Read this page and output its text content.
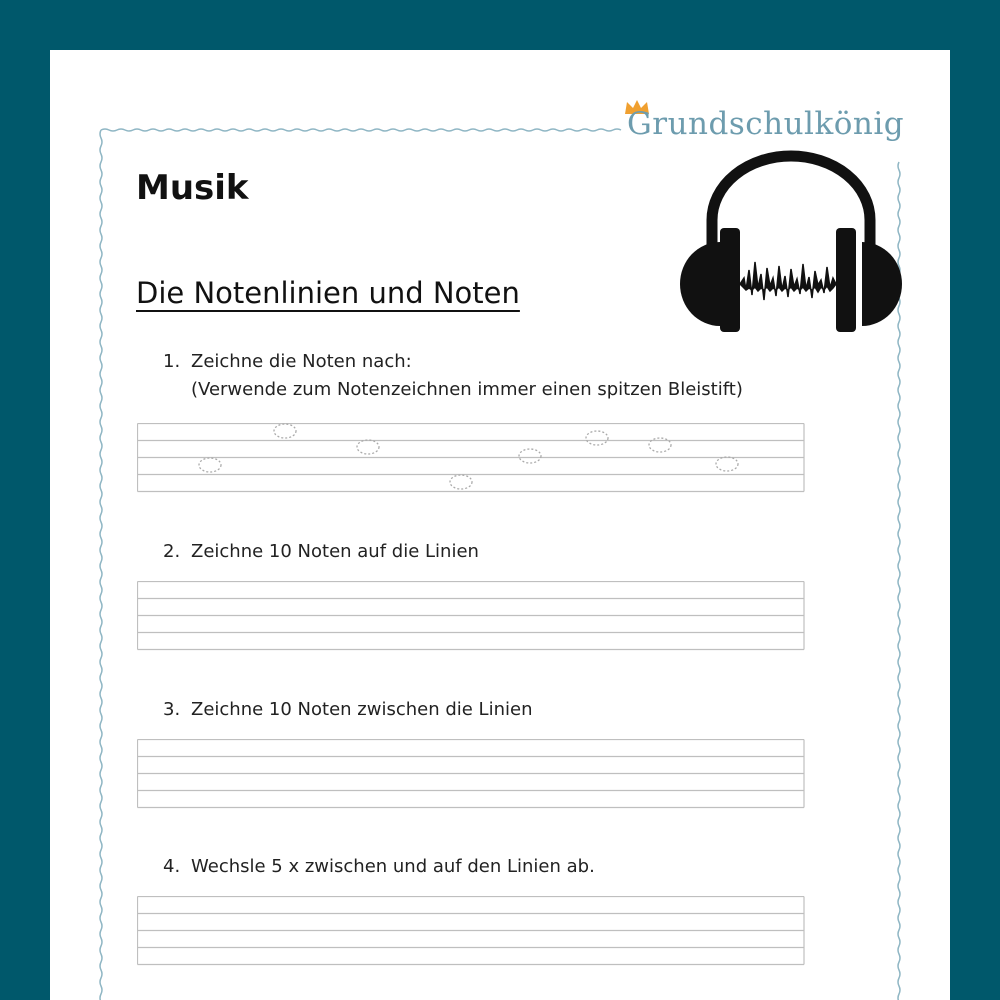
Grundschulkönig
Musik
Die Notenlinien und Noten
1. Zeichne die Noten nach:
(Verwende zum Notenzeichnen immer einen spitzen Bleistift)
2. Zeichne 10 Noten auf die Linien
3. Zeichne 10 Noten zwischen die Linien
4. Wechsle 5 x zwischen und auf den Linien ab.
